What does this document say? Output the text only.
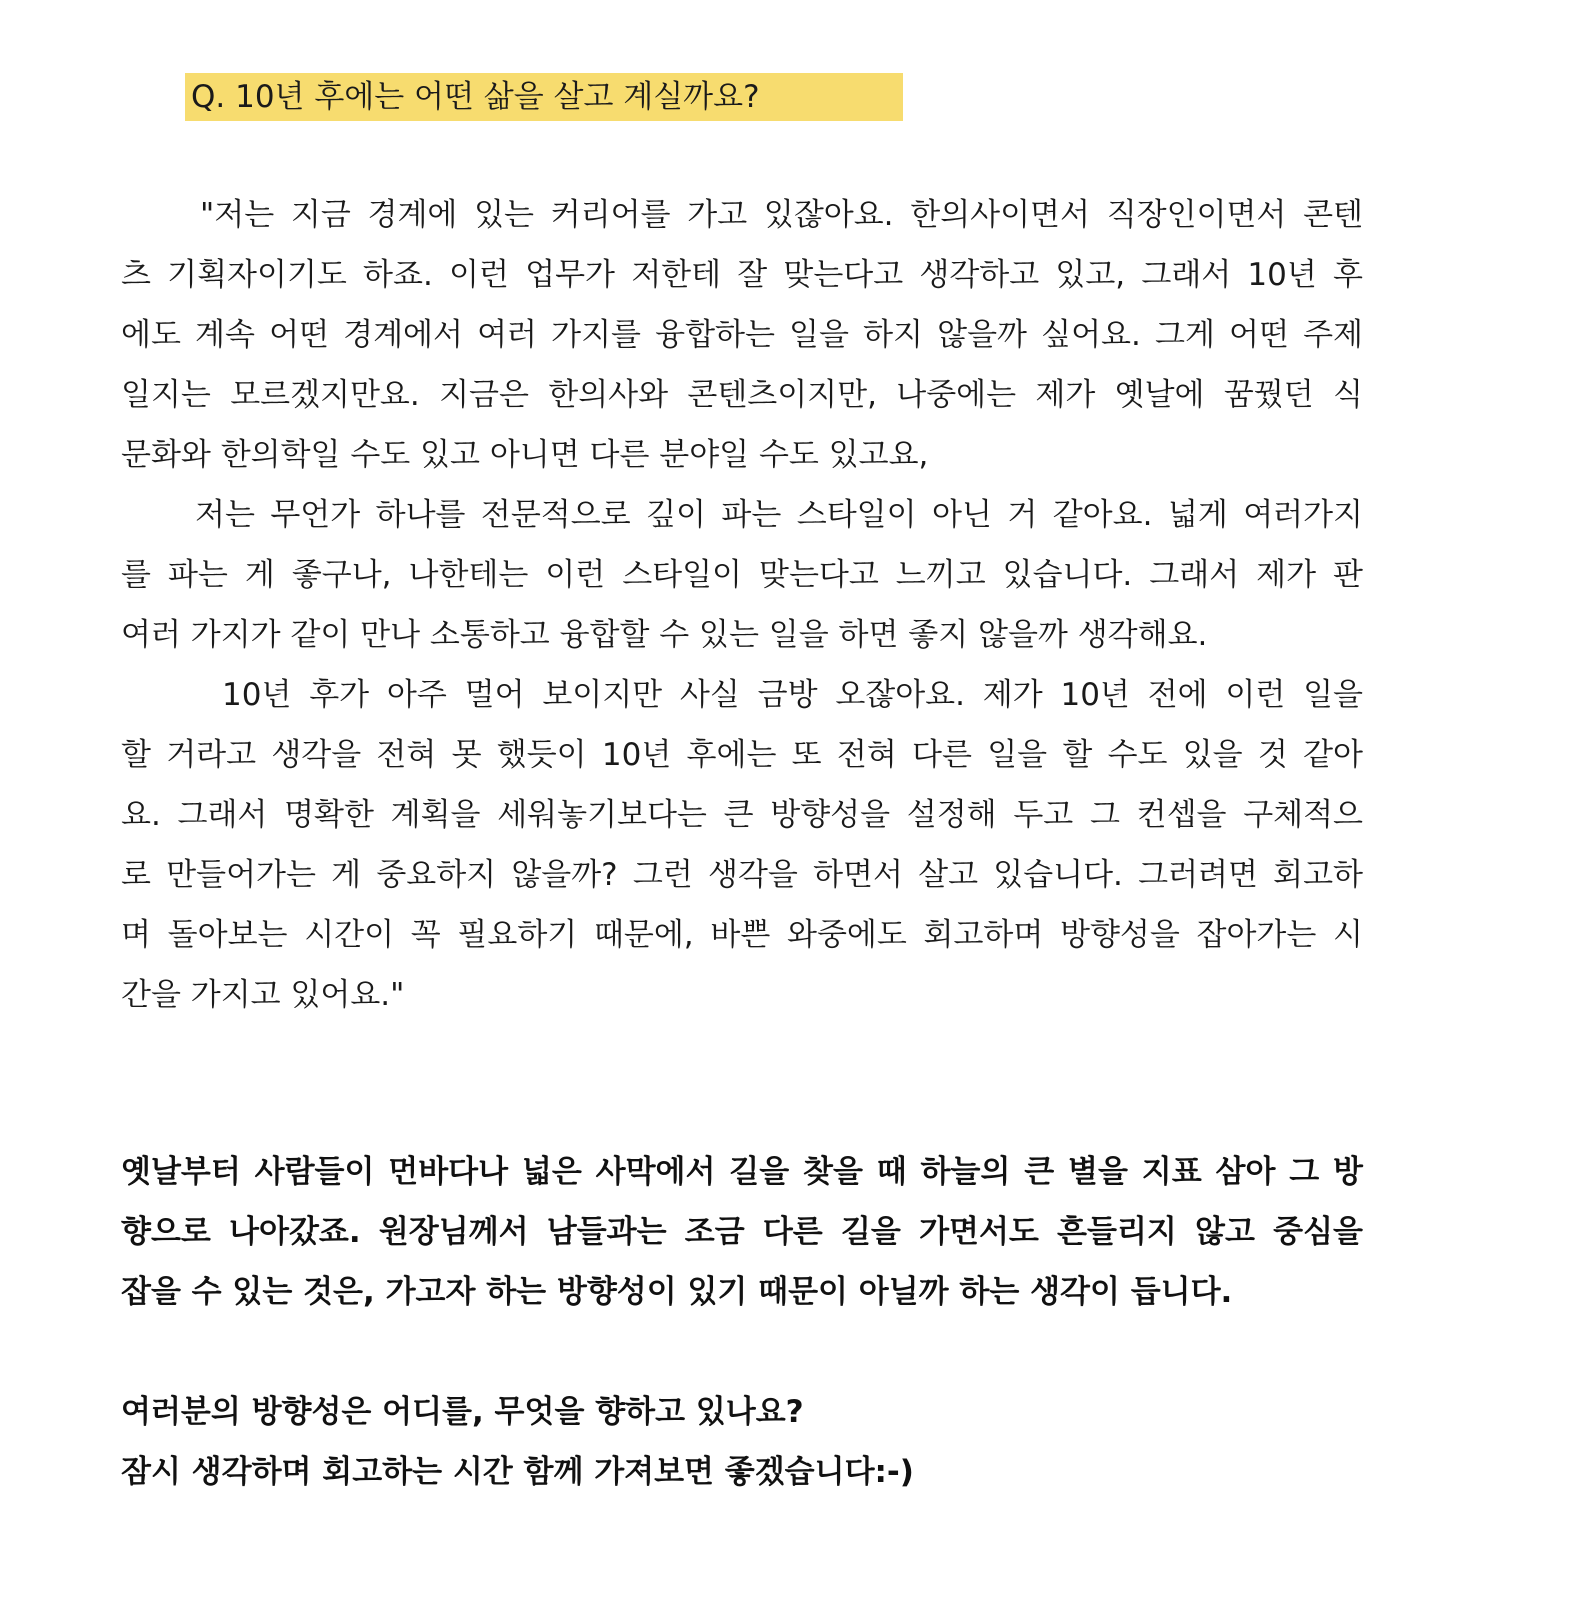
Q. 10년 후에는 어떤 삶을 살고 계실까요?
"저는 지금 경계에 있는 커리어를 가고 있잖아요. 한의사이면서 직장인이면서 콘텐
츠 기획자이기도 하죠. 이런 업무가 저한테 잘 맞는다고 생각하고 있고, 그래서 10년 후
에도 계속 어떤 경계에서 여러 가지를 융합하는 일을 하지 않을까 싶어요. 그게 어떤 주제
일지는 모르겠지만요. 지금은 한의사와 콘텐츠이지만, 나중에는 제가 옛날에 꿈꿨던 식
문화와 한의학일 수도 있고 아니면 다른 분야일 수도 있고요,
저는 무언가 하나를 전문적으로 깊이 파는 스타일이 아닌 거 같아요. 넓게 여러가지
를 파는 게 좋구나, 나한테는 이런 스타일이 맞는다고 느끼고 있습니다. 그래서 제가 판
여러 가지가 같이 만나 소통하고 융합할 수 있는 일을 하면 좋지 않을까 생각해요.
10년 후가 아주 멀어 보이지만 사실 금방 오잖아요. 제가 10년 전에 이런 일을
할 거라고 생각을 전혀 못 했듯이 10년 후에는 또 전혀 다른 일을 할 수도 있을 것 같아
요. 그래서 명확한 계획을 세워놓기보다는 큰 방향성을 설정해 두고 그 컨셉을 구체적으
로 만들어가는 게 중요하지 않을까? 그런 생각을 하면서 살고 있습니다. 그러려면 회고하
며 돌아보는 시간이 꼭 필요하기 때문에, 바쁜 와중에도 회고하며 방향성을 잡아가는 시
간을 가지고 있어요."
옛날부터 사람들이 먼바다나 넓은 사막에서 길을 찾을 때 하늘의 큰 별을 지표 삼아 그 방
향으로 나아갔죠. 원장님께서 남들과는 조금 다른 길을 가면서도 흔들리지 않고 중심을
잡을 수 있는 것은, 가고자 하는 방향성이 있기 때문이 아닐까 하는 생각이 듭니다.
여러분의 방향성은 어디를, 무엇을 향하고 있나요?
잠시 생각하며 회고하는 시간 함께 가져보면 좋겠습니다:-)
